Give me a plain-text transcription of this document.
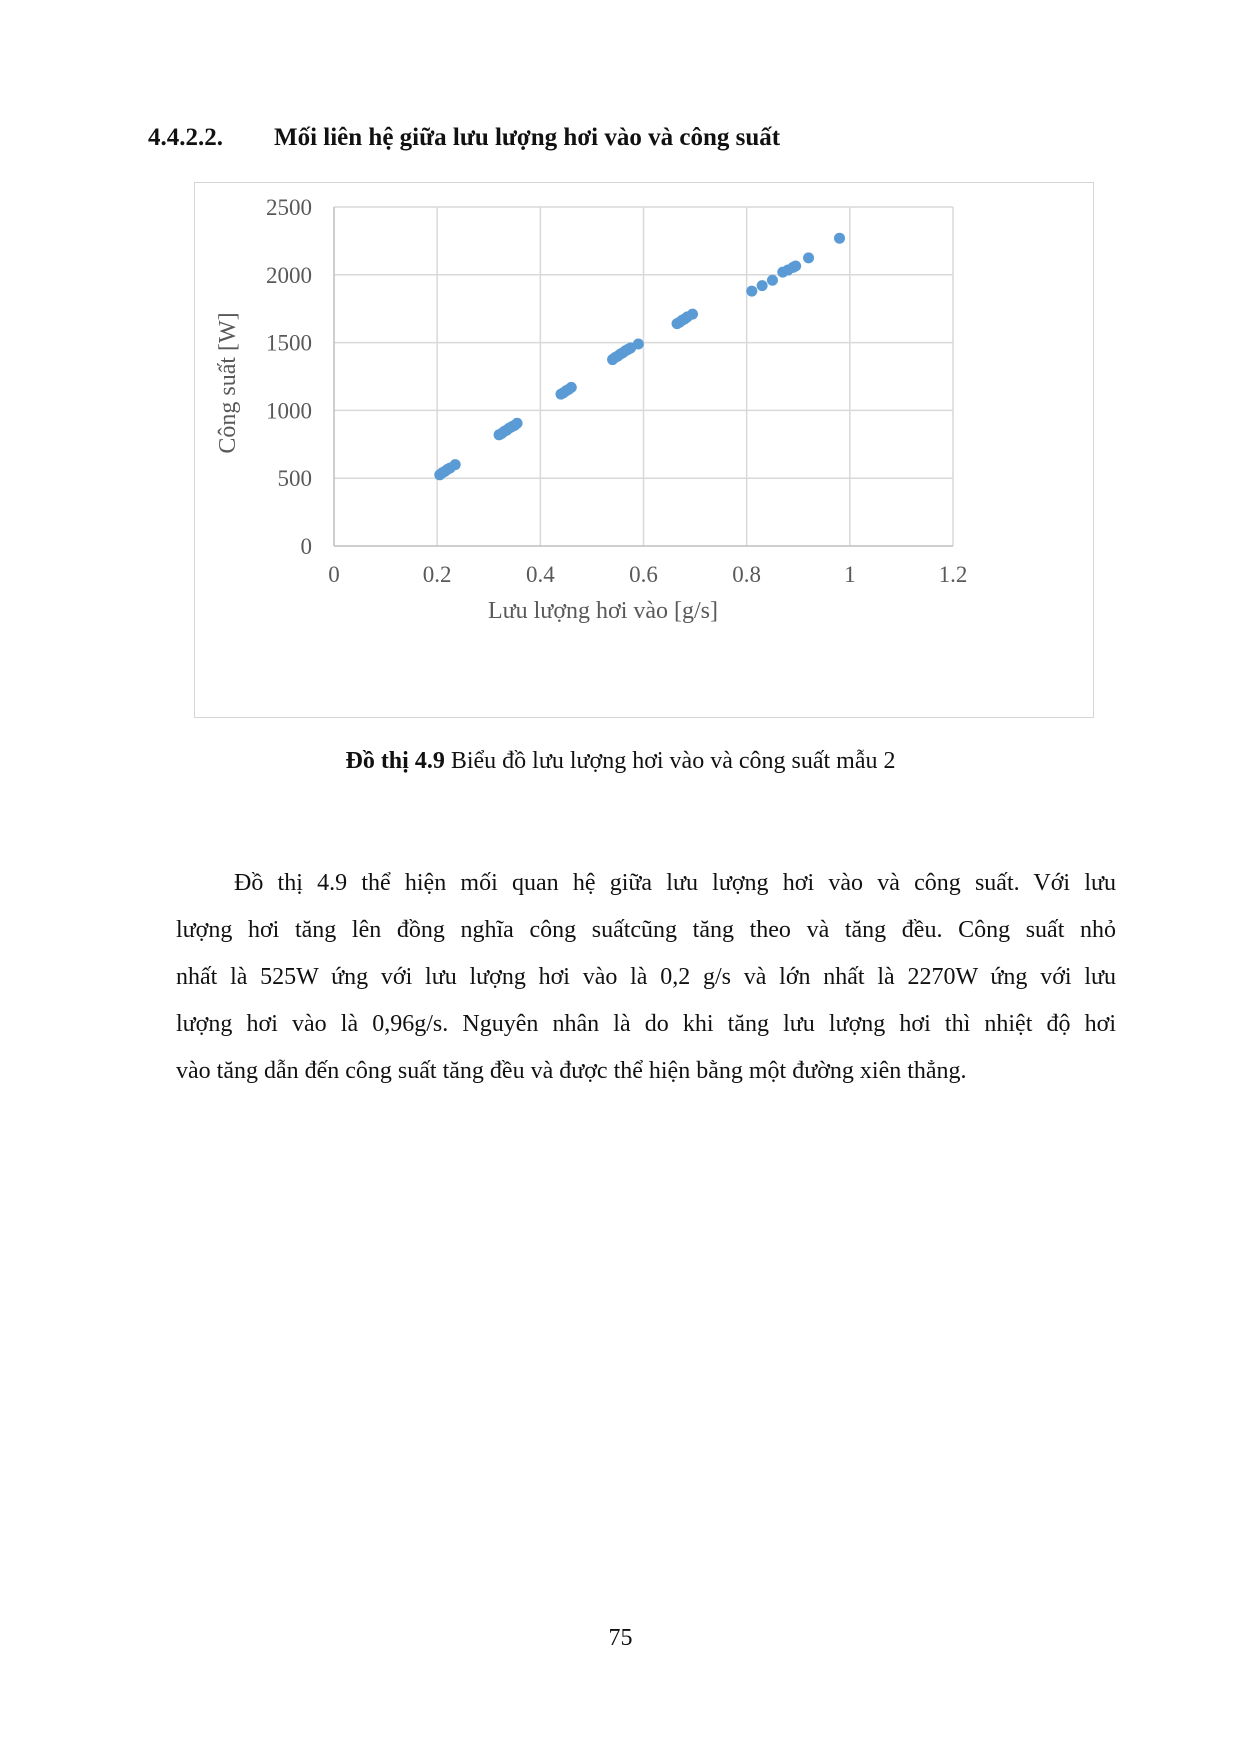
4.4.2.2. Mối liên hệ giữa lưu lượng hơi vào và công suất
0	0.2	0.4	0.6	0.8	1	1.2
0
500
1000
1500
2000
2500
Lưu lượng hơi vào [g/s]
Công suất [W]
Đồ thị 4.9 Biểu đồ lưu lượng hơi vào và công suất mẫu 2
Đồ thị 4.9 thể hiện mối quan hệ giữa lưu lượng hơi vào và công suất. Với lưu
lượng hơi tăng lên đồng nghĩa công suấtcũng tăng theo và tăng đều. Công suất nhỏ
nhất là 525W ứng với lưu lượng hơi vào là 0,2 g/s và lớn nhất là 2270W ứng với lưu
lượng hơi vào là 0,96g/s. Nguyên nhân là do khi tăng lưu lượng hơi thì nhiệt độ hơi
vào tăng dẫn đến công suất tăng đều và được thể hiện bằng một đường xiên thẳng.
75
